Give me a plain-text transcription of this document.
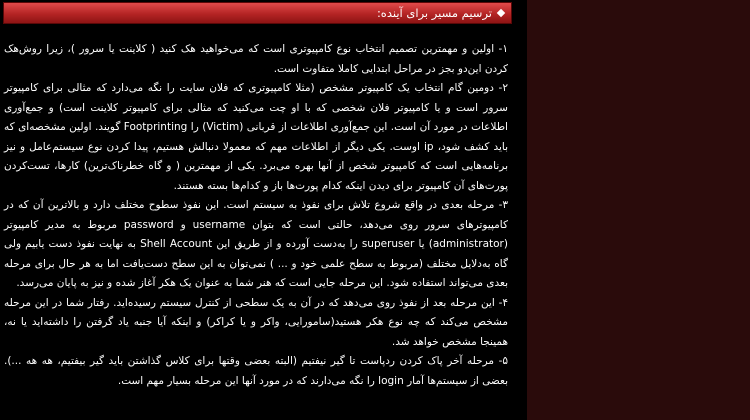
ترسیم مسیر برای آینده:

۱- اولین و مهمترین تصمیم انتخاب نوع کامپیوتری است که می‌خواهید هک کنید ( کلاینت یا سرور )، زیرا روش‌هک کردن این‌دو بجز در مراحل ابتدایی کاملا متفاوت است.

۲- دومین گام انتخاب یک کامپیوتر مشخص (مثلا کامپیوتری که فلان سایت را نگه می‌دارد که مثالی برای کامپیوتر سرور است و یا کامپیوتر فلان شخصی که با او چت می‌کنید که مثالی برای کامپیوتر کلاینت است) و جمع‌آوری اطلاعات در مورد آن است. این جمع‌آوری اطلاعات از قربانی (Victim) را Footprinting گویند. اولین مشخصه‌ای که باید کشف شود، ip اوست. یکی دیگر از اطلاعات مهم که معمولا دنبالش هستیم، پیدا کردن نوع سیستم‌عامل و نیز برنامه‌هایی است که کامپیوتر شخص از آنها بهره می‌برد. یکی از مهمترین ( و گاه خطرناک‌ترین) کارها، تست‌کردن پورت‌های آن کامپیوتر برای دیدن اینکه کدام پورت‌ها باز و کدام‌ها بسته هستند.

۳- مرحله بعدی در واقع شروع تلاش برای نفوذ به سیستم است. این نفوذ سطوح مختلف دارد و بالاترین آن که در کامپیوترهای سرور روی می‌دهد، حالتی است که بتوان username و password مربوط به مدیر کامپیوتر (administrator) یا superuser را به‌دست آورده و از طریق این Shell Account به نهایت نفوذ دست یابیم ولی گاه به‌دلایل مختلف (مربوط به سطح علمی خود و ... ) نمی‌توان به این سطح دست‌یافت اما به هر حال برای مرحله بعدی می‌تواند استفاده شود. این مرحله جایی است که هنر شما به عنوان یک هکر آغاز شده و نیز به پایان می‌رسد.

۴- این مرحله بعد از نفوذ روی می‌دهد که در آن به یک سطحی از کنترل سیستم رسیده‌اید. رفتار شما در این مرحله مشخص می‌کند که چه نوع هکر هستید(سامورایی، واکر و یا کراکر) و اینکه آیا جنبه یاد گرفتن را داشته‌اید یا نه، همینجا مشخص خواهد شد.

۵- مرحله آخر پاک کردن ردپاست تا گیر نیفتیم (البته بعضی وقتها برای کلاس گذاشتن باید گیر بیفتیم، هه هه ...). بعضی از سیستم‌ها آمار login را نگه می‌دارند که در مورد آنها این مرحله بسیار مهم است.
